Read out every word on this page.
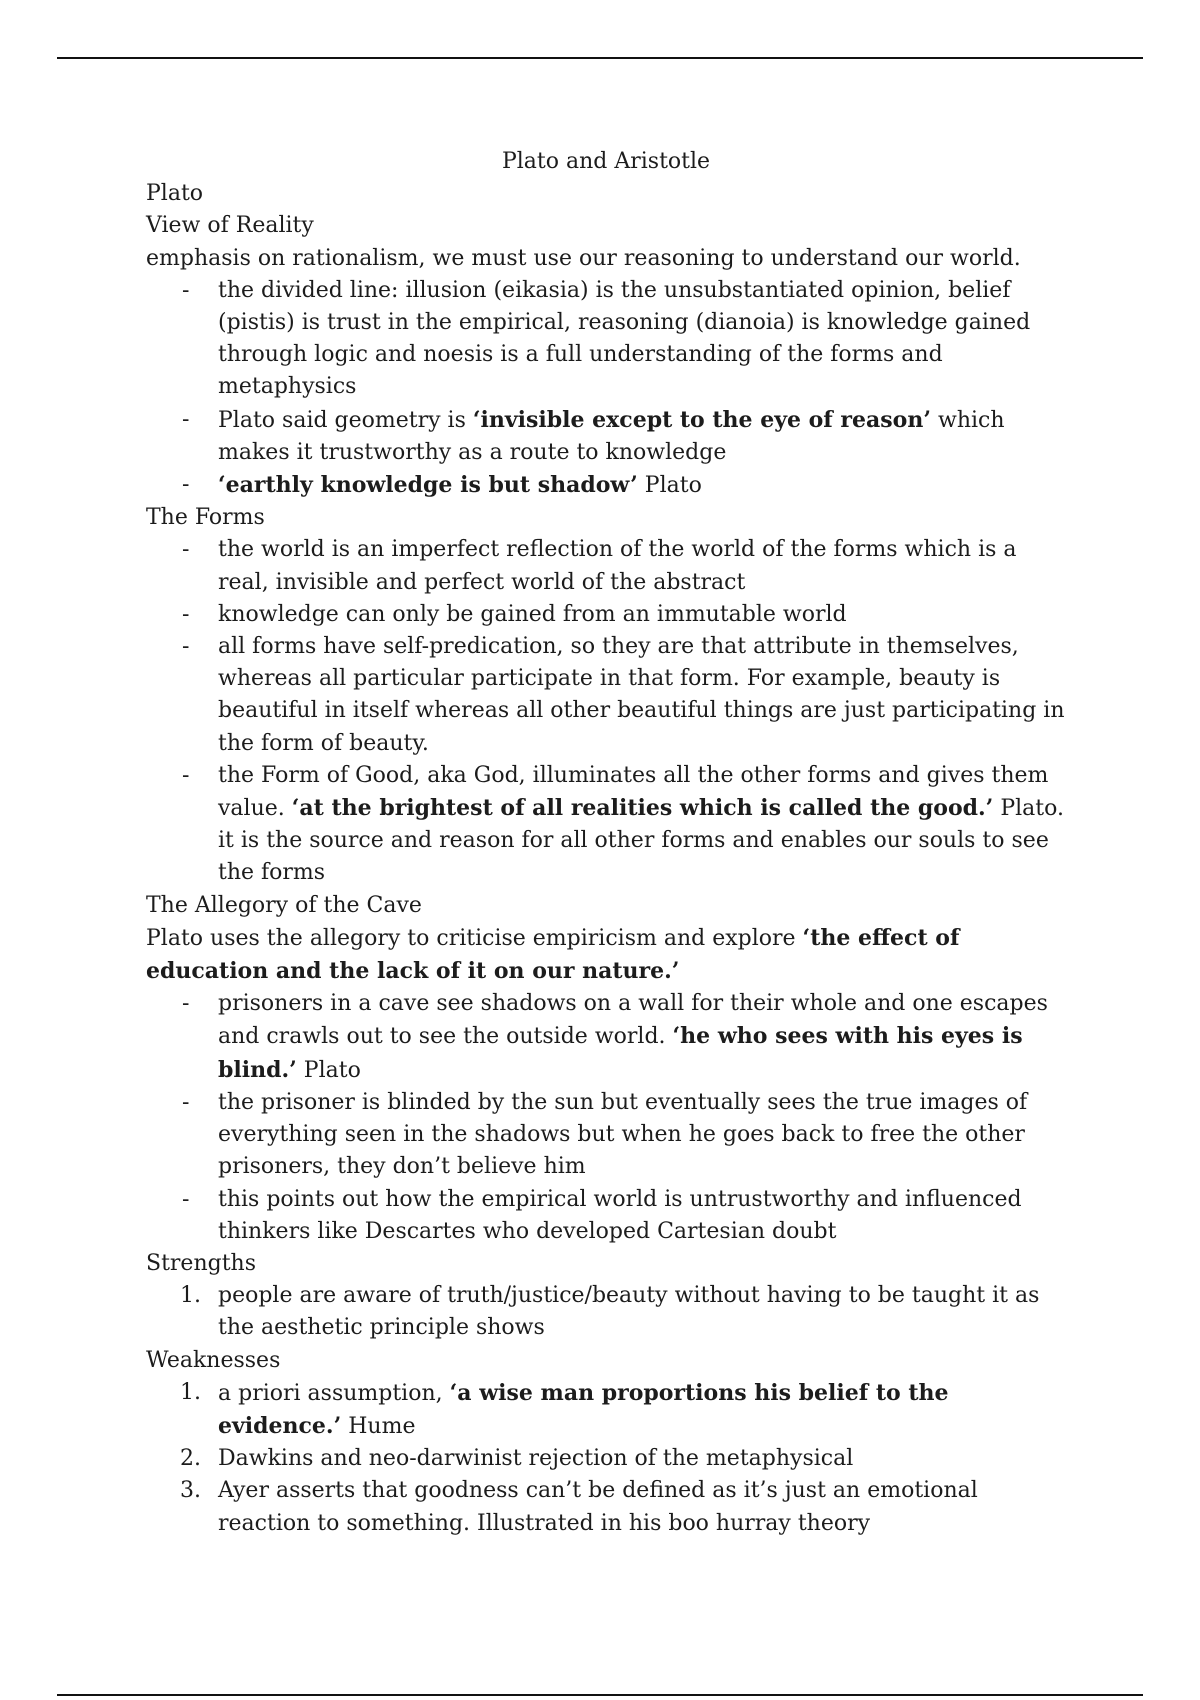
Plato and Aristotle

Plato

View of Reality

emphasis on rationalism, we must use our reasoning to understand our world.

- the divided line: illusion (eikasia) is the unsubstantiated opinion, belief (pistis) is trust in the empirical, reasoning (dianoia) is knowledge gained through logic and noesis is a full understanding of the forms and metaphysics
- Plato said geometry is ‘invisible except to the eye of reason’ which makes it trustworthy as a route to knowledge
- ‘earthly knowledge is but shadow’ Plato

The Forms

- the world is an imperfect reflection of the world of the forms which is a real, invisible and perfect world of the abstract
- knowledge can only be gained from an immutable world
- all forms have self-predication, so they are that attribute in themselves, whereas all particular participate in that form. For example, beauty is beautiful in itself whereas all other beautiful things are just participating in the form of beauty.
- the Form of Good, aka God, illuminates all the other forms and gives them value. ‘at the brightest of all realities which is called the good.’ Plato. it is the source and reason for all other forms and enables our souls to see the forms

The Allegory of the Cave

Plato uses the allegory to criticise empiricism and explore ‘the effect of education and the lack of it on our nature.’

- prisoners in a cave see shadows on a wall for their whole and one escapes and crawls out to see the outside world. ‘he who sees with his eyes is blind.’ Plato
- the prisoner is blinded by the sun but eventually sees the true images of everything seen in the shadows but when he goes back to free the other prisoners, they don’t believe him
- this points out how the empirical world is untrustworthy and influenced thinkers like Descartes who developed Cartesian doubt

Strengths

1. people are aware of truth/justice/beauty without having to be taught it as the aesthetic principle shows

Weaknesses

1. a priori assumption, ‘a wise man proportions his belief to the evidence.’ Hume
2. Dawkins and neo-darwinist rejection of the metaphysical
3. Ayer asserts that goodness can’t be defined as it’s just an emotional reaction to something. Illustrated in his boo hurray theory
